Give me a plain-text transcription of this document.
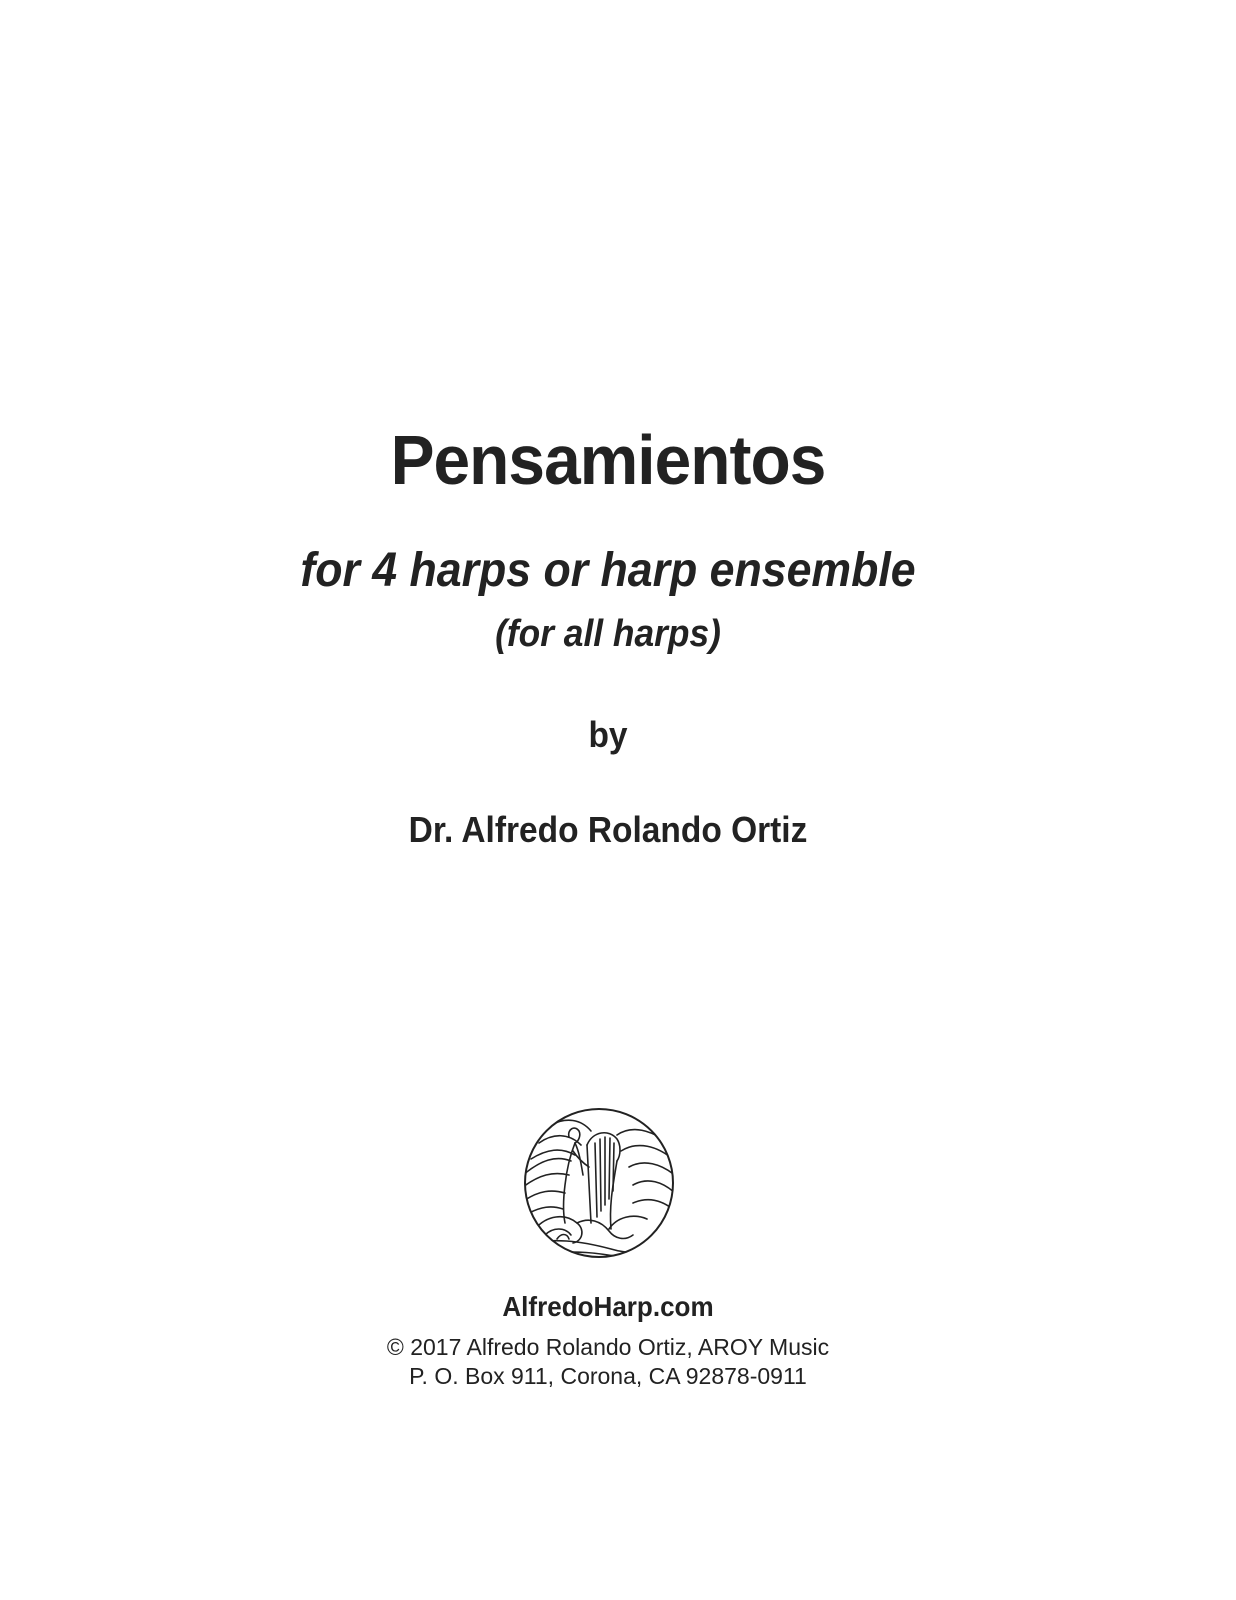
Pensamientos
for 4 harps or harp ensemble
(for all harps)
by
Dr. Alfredo Rolando Ortiz
AlfredoHarp.com
© 2017 Alfredo Rolando Ortiz, AROY Music
P. O. Box 911, Corona, CA 92878-0911
